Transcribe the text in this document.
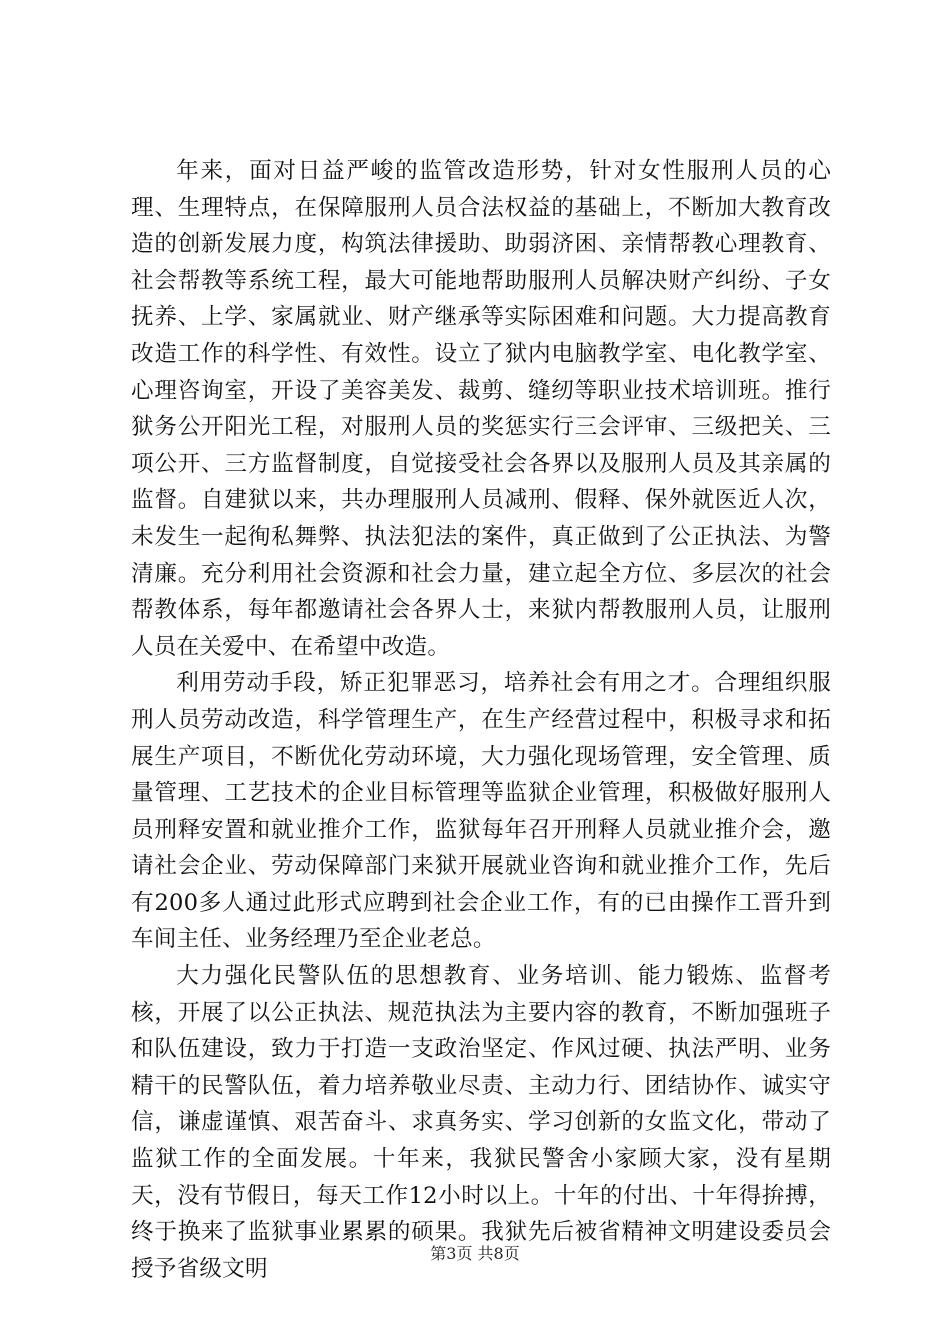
年来，面对日益严峻的监管改造形势，针对女性服刑人员的心理、生理特点，在保障服刑人员合法权益的基础上，不断加大教育改造的创新发展力度，构筑法律援助、助弱济困、亲情帮教心理教育、社会帮教等系统工程，最大可能地帮助服刑人员解决财产纠纷、子女抚养、上学、家属就业、财产继承等实际困难和问题。大力提高教育改造工作的科学性、有效性。设立了狱内电脑教学室、电化教学室、心理咨询室，开设了美容美发、裁剪、缝纫等职业技术培训班。推行狱务公开阳光工程，对服刑人员的奖惩实行三会评审、三级把关、三项公开、三方监督制度，自觉接受社会各界以及服刑人员及其亲属的监督。自建狱以来，共办理服刑人员减刑、假释、保外就医近人次，未发生一起徇私舞弊、执法犯法的案件，真正做到了公正执法、为警清廉。充分利用社会资源和社会力量，建立起全方位、多层次的社会帮教体系，每年都邀请社会各界人士，来狱内帮教服刑人员，让服刑人员在关爱中、在希望中改造。

利用劳动手段，矫正犯罪恶习，培养社会有用之才。合理组织服刑人员劳动改造，科学管理生产，在生产经营过程中，积极寻求和拓展生产项目，不断优化劳动环境，大力强化现场管理，安全管理、质量管理、工艺技术的企业目标管理等监狱企业管理，积极做好服刑人员刑释安置和就业推介工作，监狱每年召开刑释人员就业推介会，邀请社会企业、劳动保障部门来狱开展就业咨询和就业推介工作，先后有200多人通过此形式应聘到社会企业工作，有的已由操作工晋升到车间主任、业务经理乃至企业老总。

大力强化民警队伍的思想教育、业务培训、能力锻炼、监督考核，开展了以公正执法、规范执法为主要内容的教育，不断加强班子和队伍建设，致力于打造一支政治坚定、作风过硬、执法严明、业务精干的民警队伍，着力培养敬业尽责、主动力行、团结协作、诚实守信，谦虚谨慎、艰苦奋斗、求真务实、学习创新的女监文化，带动了监狱工作的全面发展。十年来，我狱民警舍小家顾大家，没有星期天，没有节假日，每天工作12小时以上。十年的付出、十年得拚搏，终于换来了监狱事业累累的硕果。我狱先后被省精神文明建设委员会授予省级文明

第3页 共8页
